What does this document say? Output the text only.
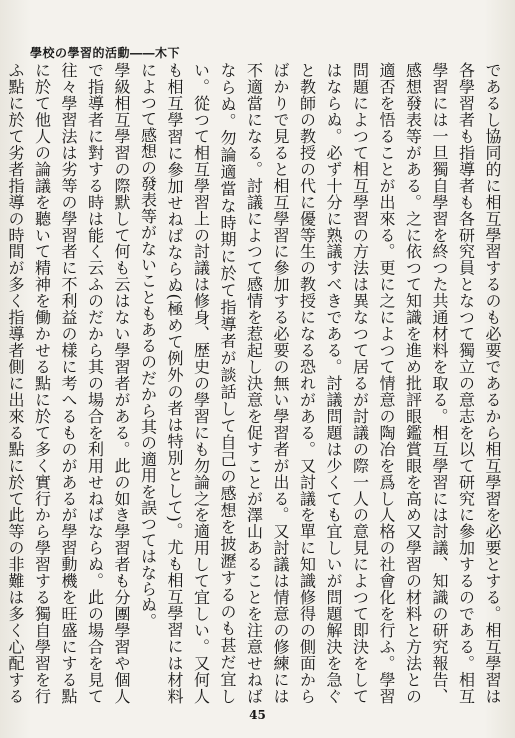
學校の學習的活動――木下

であるし協同的に相互學習するのも必要であるから相互學習を必要とする。相互學習は各學習者も指導者も各研究員となつて獨立の意志を以て研究に參加するのである。相互學習には一旦獨自學習を終つた共通材料を取る。相互學習には討議、知識の研究報告、感想發表等がある。之に依つて知識を進め批評眼鑑賞眼を高め又學習の材料と方法との適否を悟ることが出來る。更に之によつて情意の陶冶を爲し人格の社會化を行ふ。學習問題によつて相互學習の方法は異なつて居るが討議の際一人の意見によつて即決をしてはならぬ。必ず十分に熟議すべきである。討議問題は少くても宜しいが問題解決を急ぐと教師の教授の代に優等生の教授になる恐れがある。又討議を單に知識修得の側面からばかりで見ると相互學習に參加する必要の無い學習者が出る。又討議は情意の修練には不適當になる。討議によつて感情を惹起し決意を促すことが澤山あることを注意せねばならぬ。勿論適當な時期に於て指導者が談話して自己の感想を披瀝するのも甚だ宜しい。從つて相互學習上の討議は修身、歴史の學習にも勿論之を適用して宜しい。又何人も相互學習に參加せねばならぬ(極めて例外の者は特別として)。尤も相互學習には材料によつて感想の發表等がないこともあるのだから其の適用を誤つてはならぬ。
學級相互學習の際默して何も云はない學習者がある。此の如き學習者も分團學習や個人で指導者に對する時は能く云ふのだから其の場合を利用せねばならぬ。此の場合を見て往々學習法は劣等の學習者に不利益の樣に考へるものがあるが學習動機を旺盛にする點に於て他人の論議を聽いて精神を働かせる點に於て多く實行から學習する獨自學習を行ふ點に於て劣者指導の時間が多く指導者側に出來る點に於て此等の非難は多く心配する

45
